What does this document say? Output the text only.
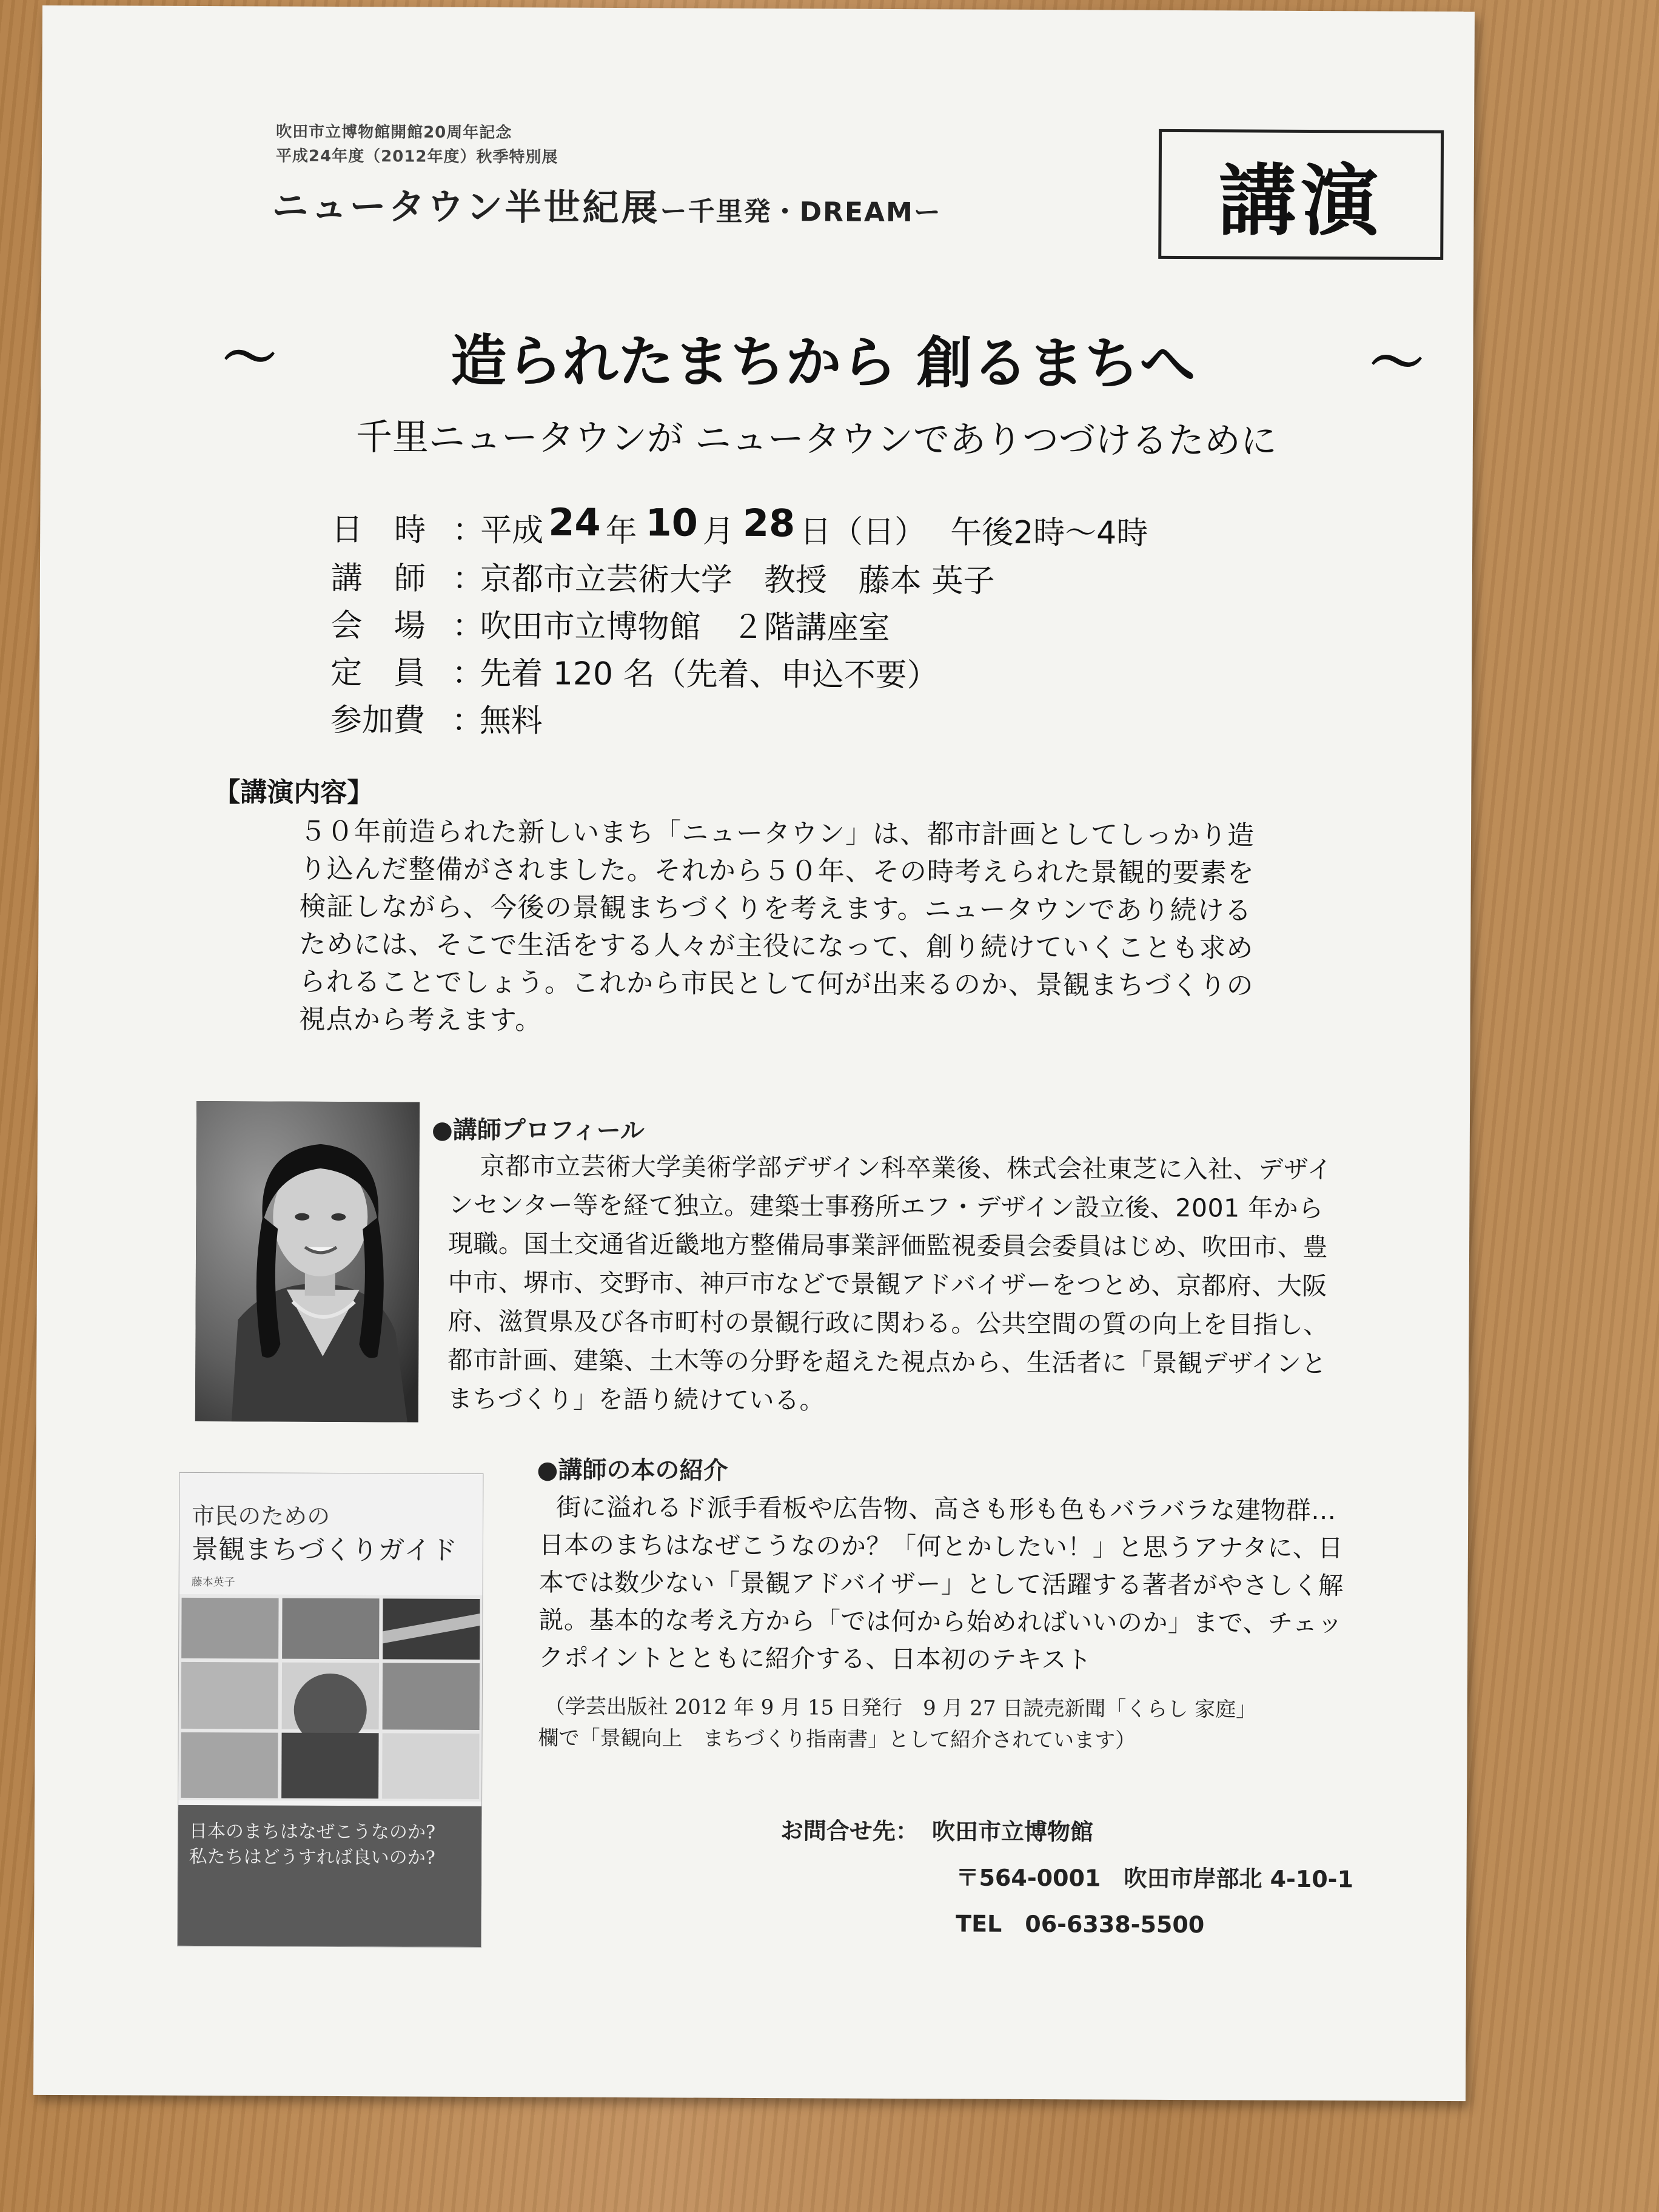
吹田市立博物館開館20周年記念
平成24年度（2012年度）秋季特別展
ニュータウン半世紀展ー千里発・DREAMー	講演
～	造られたまちから 創るまちへ	～
千里ニュータウンが ニュータウンでありつづけるために
日　時 ：
平成 24 年 10 月 28 日（日） 午後2時〜4時
講　師 ：
京都市立芸術大学　教授　藤本 英子
会　場 ：
吹田市立博物館　２階講座室
定　員 ：
先着 120 名（先着、申込不要）
参加費 ：
無料
【講演内容】
５０年前造られた新しいまち「ニュータウン」は、都市計画としてしっかり造
り込んだ整備がされました。それから５０年、その時考えられた景観的要素を
検証しながら、今後の景観まちづくりを考えます。ニュータウンであり続ける
ためには、そこで生活をする人々が主役になって、創り続けていくことも求め
られることでしょう。これから市民として何が出来るのか、景観まちづくりの
視点から考えます。
●講師プロフィール
京都市立芸術大学美術学部デザイン科卒業後、株式会社東芝に入社、デザイ
ンセンター等を経て独立。建築士事務所エフ・デザイン設立後、2001 年から
現職。国土交通省近畿地方整備局事業評価監視委員会委員はじめ、吹田市、豊
中市、堺市、交野市、神戸市などで景観アドバイザーをつとめ、京都府、大阪
府、滋賀県及び各市町村の景観行政に関わる。公共空間の質の向上を目指し、
都市計画、建築、土木等の分野を超えた視点から、生活者に「景観デザインと
まちづくり」を語り続けている。
市民のための
景観まちづくりガイド
藤本英子
日本のまちはなぜこうなのか?
私たちはどうすれば良いのか?
●講師の本の紹介
街に溢れるド派手看板や広告物、高さも形も色もバラバラな建物群…
日本のまちはなぜこうなのか？「何とかしたい！」と思うアナタに、日
本では数少ない「景観アドバイザー」として活躍する著者がやさしく解
説。基本的な考え方から「では何から始めればいいのか」まで、チェッ
クポイントとともに紹介する、日本初のテキスト
（学芸出版社 2012 年 9 月 15 日発行　9 月 27 日読売新聞「くらし 家庭」
欄で「景観向上　まちづくり指南書」として紹介されています）
お問合せ先： 吹田市立博物館
〒564-0001　吹田市岸部北 4-10-1
TEL　06-6338-5500
